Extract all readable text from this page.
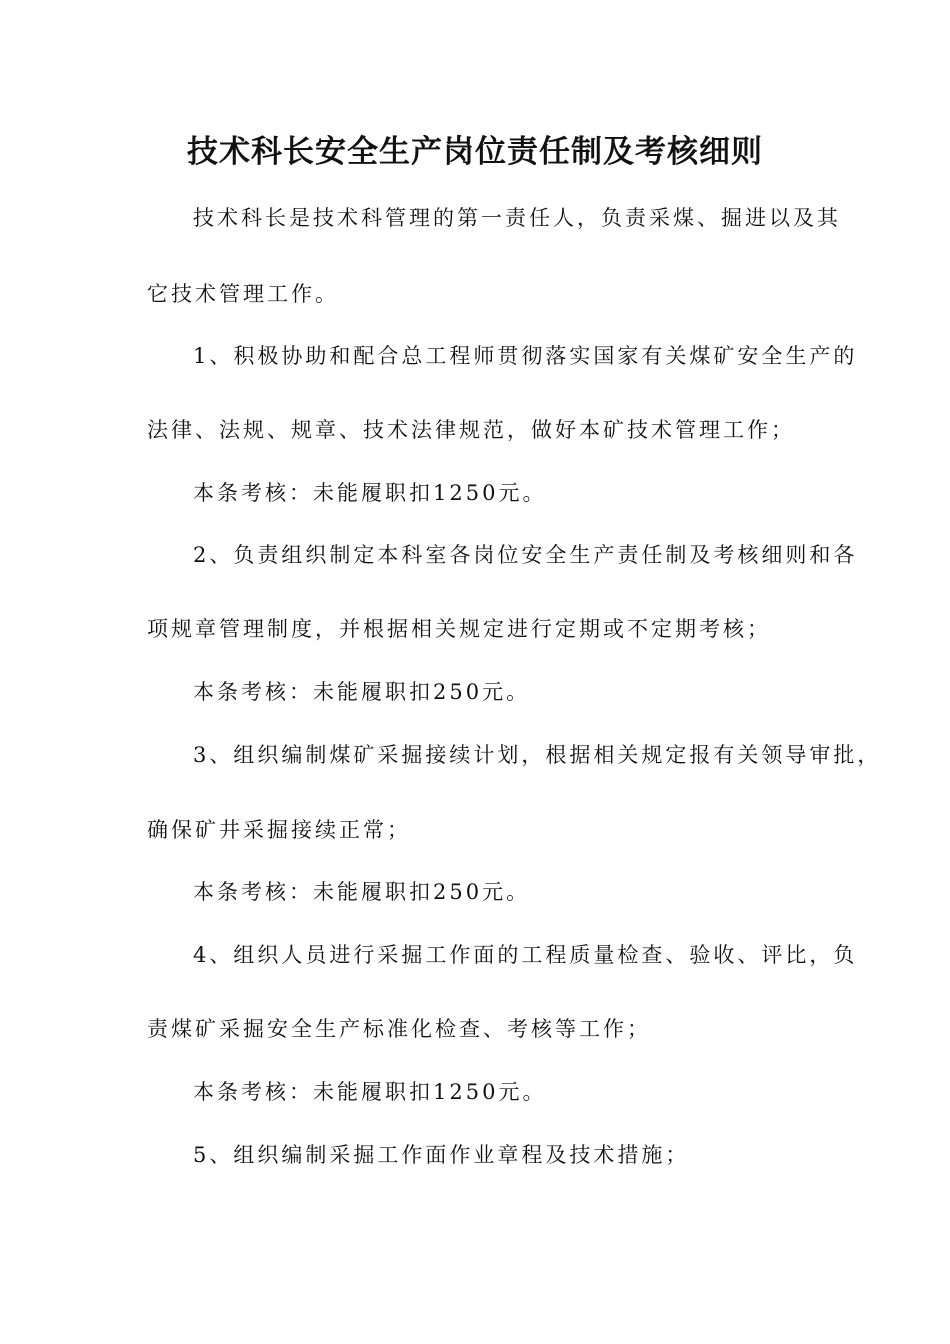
技术科长安全生产岗位责任制及考核细则
技术科长是技术科管理的第一责任人，负责采煤、掘进以及其
它技术管理工作。
1、积极协助和配合总工程师贯彻落实国家有关煤矿安全生产的
法律、法规、规章、技术法律规范，做好本矿技术管理工作；
本条考核：未能履职扣1250元。
2、负责组织制定本科室各岗位安全生产责任制及考核细则和各
项规章管理制度，并根据相关规定进行定期或不定期考核；
本条考核：未能履职扣250元。
3、组织编制煤矿采掘接续计划，根据相关规定报有关领导审批，
确保矿井采掘接续正常；
本条考核：未能履职扣250元。
4、组织人员进行采掘工作面的工程质量检查、验收、评比，负
责煤矿采掘安全生产标准化检查、考核等工作；
本条考核：未能履职扣1250元。
5、组织编制采掘工作面作业章程及技术措施；
